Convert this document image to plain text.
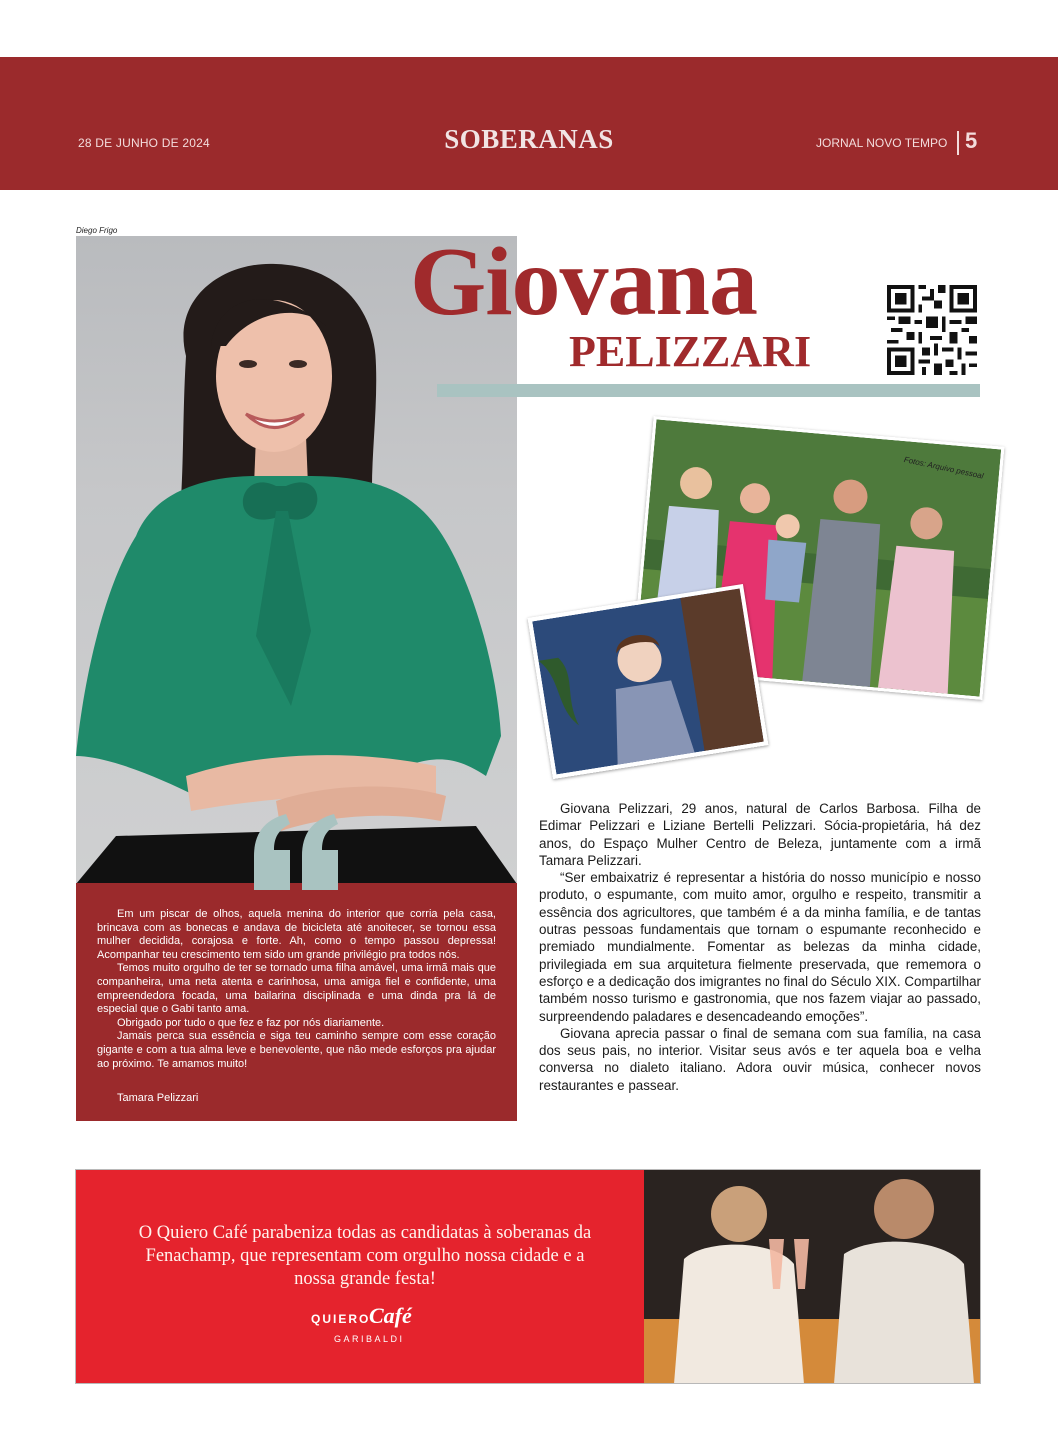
28 DE JUNHO DE 2024	SOBERANAS	JORNAL NOVO TEMPO 5
Diego Frigo

Em um piscar de olhos, aquela menina do interior que corria pela casa, brincava com as bonecas e andava de bicicleta até anoitecer, se tornou essa mulher decidida, corajosa e forte. Ah, como o tempo passou depressa! Acompanhar teu crescimento tem sido um grande privilégio pra todos nós.

Temos muito orgulho de ter se tornado uma filha amável, uma irmã mais que companheira, uma neta atenta e carinhosa, uma amiga fiel e confidente, uma empreendedora focada, uma bailarina disciplinada e uma dinda pra lá de especial que o Gabi tanto ama.

Obrigado por tudo o que fez e faz por nós diariamente.

Jamais perca sua essência e siga teu caminho sempre com esse coração gigante e com a tua alma leve e benevolente, que não mede esforços pra ajudar ao próximo. Te amamos muito!

Tamara Pelizzari
Giovana
PELIZZARI
Fotos: Arquivo pessoal

Giovana Pelizzari, 29 anos, natural de Carlos Barbosa. Filha de Edimar Pelizzari e Liziane Bertelli Pelizzari. Sócia-propietária, há dez anos, do Espaço Mulher Centro de Beleza, juntamente com a irmã Tamara Pelizzari.

“Ser embaixatriz é representar a história do nosso município e nosso produto, o espumante, com muito amor, orgulho e respeito, transmitir a essência dos agricultores, que também é a da minha família, e de tantas outras pessoas fundamentais que tornam o espumante reconhecido e premiado mundialmente. Fomentar as belezas da minha cidade, privilegiada em sua arquitetura fielmente preservada, que rememora o esforço e a dedicação dos imigrantes no final do Século XIX. Compartilhar também nosso turismo e gastronomia, que nos fazem viajar ao passado, surpreendendo paladares e desencadeando emoções”.

Giovana aprecia passar o final de semana com sua família, na casa dos seus pais, no interior. Visitar seus avós e ter aquela boa e velha conversa no dialeto italiano. Adora ouvir música, conhecer novos restaurantes e passear.

O Quiero Café parabeniza todas as candidatas à soberanas da Fenachamp, que representam com orgulho nossa cidade e a nossa grande festa!
QUIERO
Café
GARIBALDI
